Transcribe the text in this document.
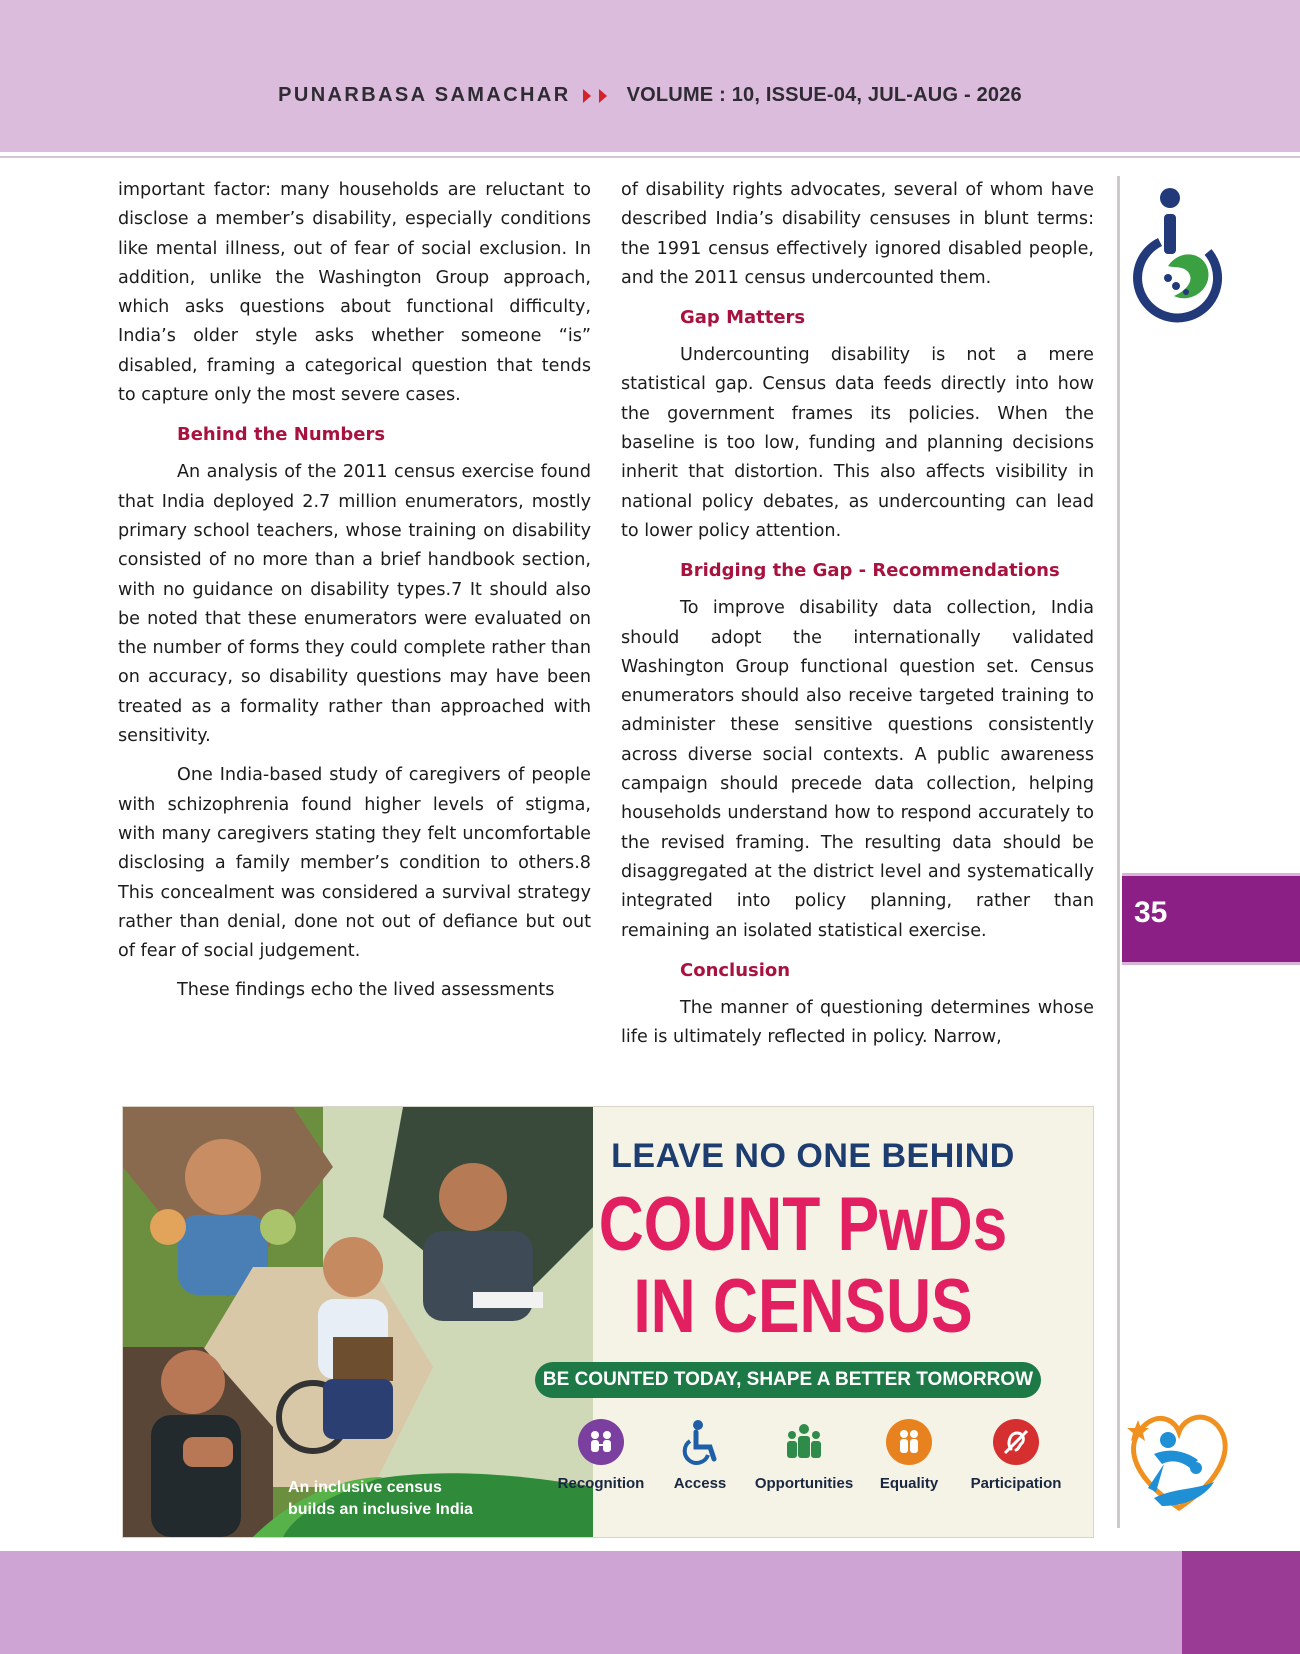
PUNARBASA SAMACHAR	VOLUME : 10, ISSUE-04, JUL-AUG - 2026

important factor: many households are reluctant to disclose a member’s disability, especially conditions like mental illness, out of fear of social exclusion. In addition, unlike the Washington Group approach, which asks questions about functional difficulty, India’s older style asks whether someone “is” disabled, framing a categorical question that tends to capture only the most severe cases.

Behind the Numbers

An analysis of the 2011 census exercise found that India deployed 2.7 million enumerators, mostly primary school teachers, whose training on disability consisted of no more than a brief handbook section, with no guidance on disability types.7 It should also be noted that these enumerators were evaluated on the number of forms they could complete rather than on accuracy, so disability questions may have been treated as a formality rather than approached with sensitivity.

One India-based study of caregivers of people with schizophrenia found higher levels of stigma, with many caregivers stating they felt uncomfortable disclosing a family member’s condition to others.8 This concealment was considered a survival strategy rather than denial, done not out of defiance but out of fear of social judgement.

These findings echo the lived assessments

of disability rights advocates, several of whom have described India’s disability censuses in blunt terms: the 1991 census effectively ignored disabled people, and the 2011 census undercounted them.

Gap Matters

Undercounting disability is not a mere statistical gap. Census data feeds directly into how the government frames its policies. When the baseline is too low, funding and planning decisions inherit that distortion. This also affects visibility in national policy debates, as undercounting can lead to lower policy attention.

Bridging the Gap - Recommendations

To improve disability data collection, India should adopt the internationally validated Washington Group functional question set. Census enumerators should also receive targeted training to administer these sensitive questions consistently across diverse social contexts. A public awareness campaign should precede data collection, helping households understand how to respond accurately to the revised framing. The resulting data should be disaggregated at the district level and systematically integrated into policy planning, rather than remaining an isolated statistical exercise.

Conclusion

The manner of questioning determines whose life is ultimately reflected in policy. Narrow,

35
An inclusive census
builds an inclusive India
LEAVE NO ONE BEHIND
COUNT PwDs
IN CENSUS
BE COUNTED TODAY, SHAPE A BETTER TOMORROW
Recognition	Access	Opportunities	Equality	Participation
